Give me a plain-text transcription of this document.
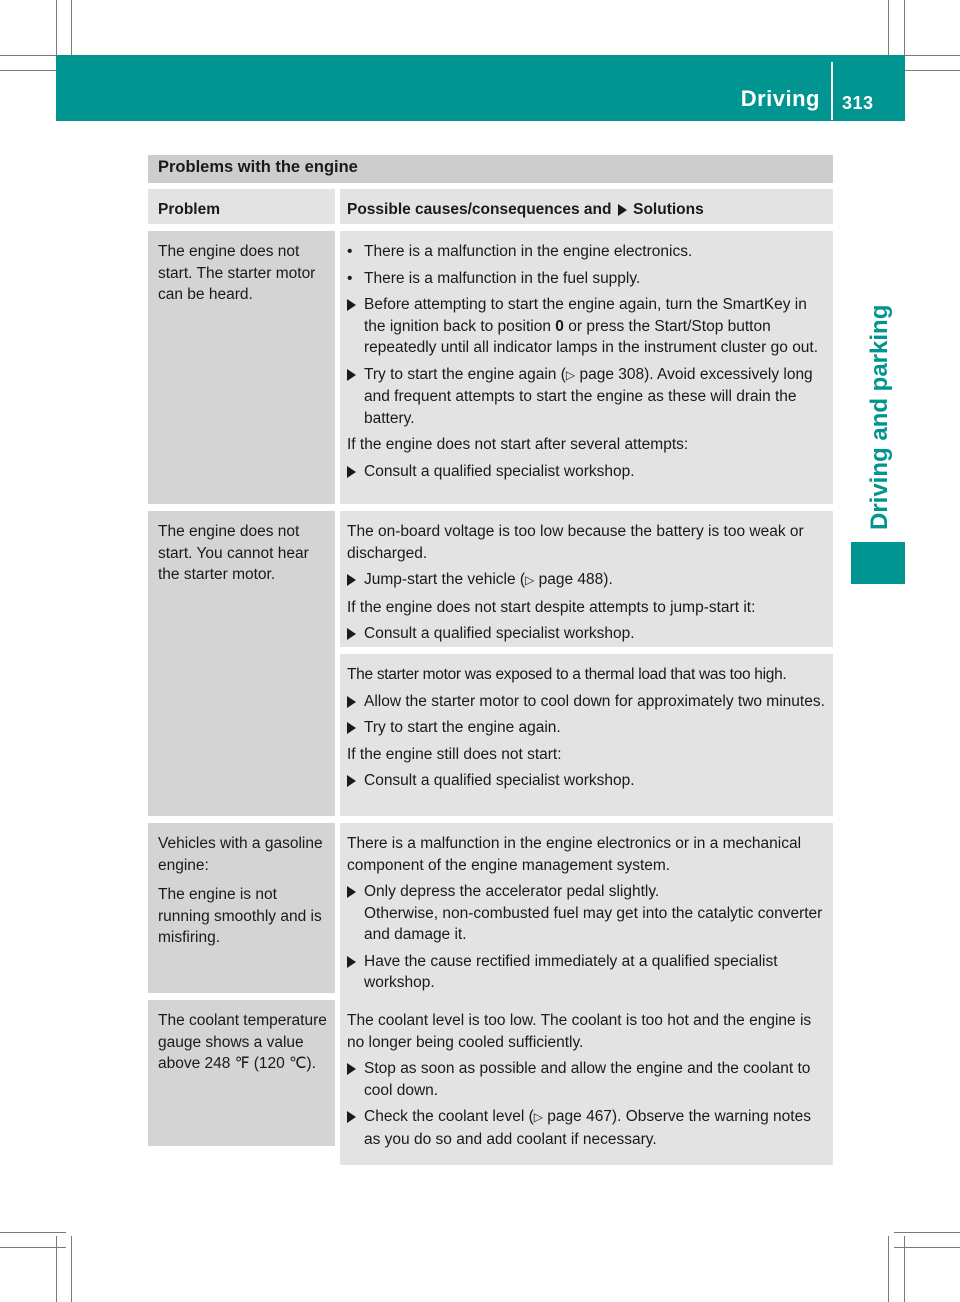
Driving 313
Driving and parking
Problems with the engine
Problem	Possible causes/consequences and Solutions
The engine does not start. The starter motor can be heard.
• There is a malfunction in the engine electronics.
• There is a malfunction in the fuel supply.
Before attempting to start the engine again, turn the SmartKey in the ignition back to position 0 or press the Start/Stop button repeatedly until all indicator lamps in the instrument cluster go out.
Try to start the engine again (▷ page 308). Avoid excessively long and frequent attempts to start the engine as these will drain the battery.
If the engine does not start after several attempts:
Consult a qualified specialist workshop.
The engine does not start. You cannot hear the starter motor.
The on-board voltage is too low because the battery is too weak or discharged.
Jump-start the vehicle (▷ page 488).
If the engine does not start despite attempts to jump-start it:
Consult a qualified specialist workshop.
The starter motor was exposed to a thermal load that was too high.
Allow the starter motor to cool down for approximately two minutes.
Try to start the engine again.
If the engine still does not start:
Consult a qualified specialist workshop.
Vehicles with a gasoline engine:
The engine is not running smoothly and is misfiring.
There is a malfunction in the engine electronics or in a mechanical component of the engine management system.
Only depress the accelerator pedal slightly.
Otherwise, non-combusted fuel may get into the catalytic converter and damage it.
Have the cause rectified immediately at a qualified specialist workshop.
The coolant temperature gauge shows a value above 248 ℉ (120 ℃).
The coolant level is too low. The coolant is too hot and the engine is no longer being cooled sufficiently.
Stop as soon as possible and allow the engine and the coolant to cool down.
Check the coolant level (▷ page 467). Observe the warning notes as you do so and add coolant if necessary.
